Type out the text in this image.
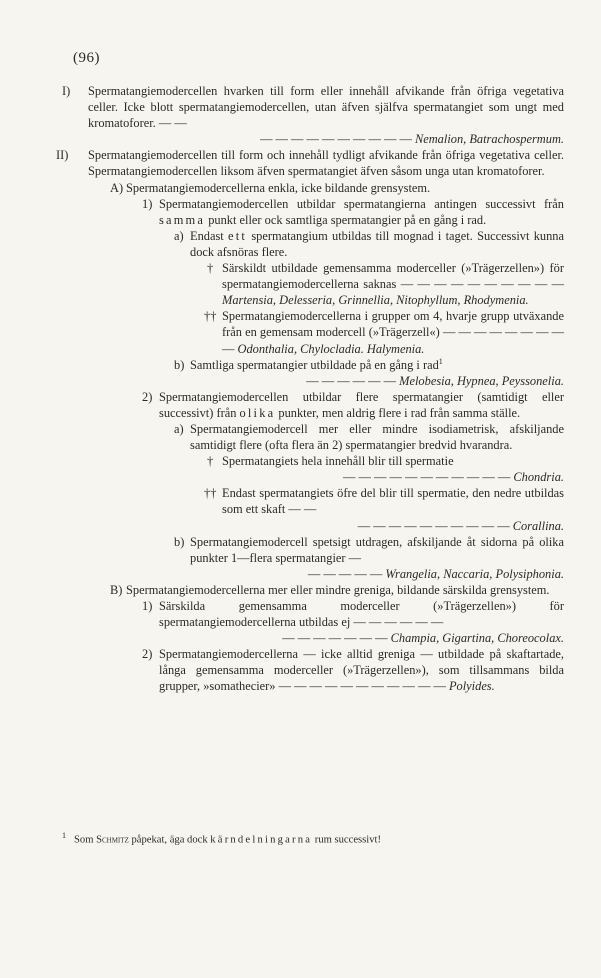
(96)
I) Spermatangiemodercellen hvarken till form eller innehåll afvikande från öfriga vegetativa celler. Icke blott spermatangiemodercellen, utan äfven själfva spermatangiet som ungt med kromatoforer. — —
— — — — — — — — — — Nemalion, Batrachospermum.
II) Spermatangiemodercellen till form och innehåll tydligt afvikande från öfriga vegetativa celler. Spermatangiemodercellen liksom äfven spermatangiet äfven såsom unga utan kromatoforer.
A) Spermatangiemodercellerna enkla, icke bildande grensystem.
1) Spermatangiemodercellen utbildar spermatangierna antingen successivt från samma punkt eller ock samtliga spermatangier på en gång i rad.
a) Endast ett spermatangium utbildas till mognad i taget. Successivt kunna dock afsnöras flere.
† Särskildt utbildade gemensamma moderceller (»Trägerzellen») för spermatangiemodercellerna saknas — — — — — — — — — — Martensia, Delesseria, Grinnellia, Nitophyllum, Rhodymenia.
†† Spermatangiemodercellerna i grupper om 4, hvarje grupp utväxande från en gemensam modercell (»Trägerzell«) — — — — — — — — — Odonthalia, Chylocladia. Halymenia.
b) Samtliga spermatangier utbildade på en gång i rad$^1$
— — — — — — Melobesia, Hypnea, Peyssonelia.
2) Spermatangiemodercellen utbildar flere spermatangier (samtidigt eller successivt) från olika punkter, men aldrig flere i rad från samma ställe.
a) Spermatangiemodercell mer eller mindre isodiametrisk, afskiljande samtidigt flere (ofta flera än 2) spermatangier bredvid hvarandra.
† Spermatangiets hela innehåll blir till spermatie
— — — — — — — — — — — Chondria.
†† Endast spermatangiets öfre del blir till spermatie, den nedre utbildas som ett skaft — —
— — — — — — — — — — Corallina.
b) Spermatangiemodercell spetsigt utdragen, afskiljande åt sidorna på olika punkter 1—flera spermatangier —
— — — — — Wrangelia, Naccaria, Polysiphonia.
B) Spermatangiemodercellerna mer eller mindre greniga, bildande särskilda grensystem.
1) Särskilda gemensamma moderceller (»Trägerzellen») för spermatangiemodercellerna utbildas ej — — — — — —
— — — — — — — Champia, Gigartina, Choreocolax.
2) Spermatangiemodercellerna — icke alltid greniga — utbildade på skaftartade, långa gemensamma moderceller (»Trägerzellen»), som tillsammans bilda grupper, »somathecier» — — — — — — — — — — — Polyides.
$^1$ Som Schmitz påpekat, äga dock kärndelningarna rum successivt!
